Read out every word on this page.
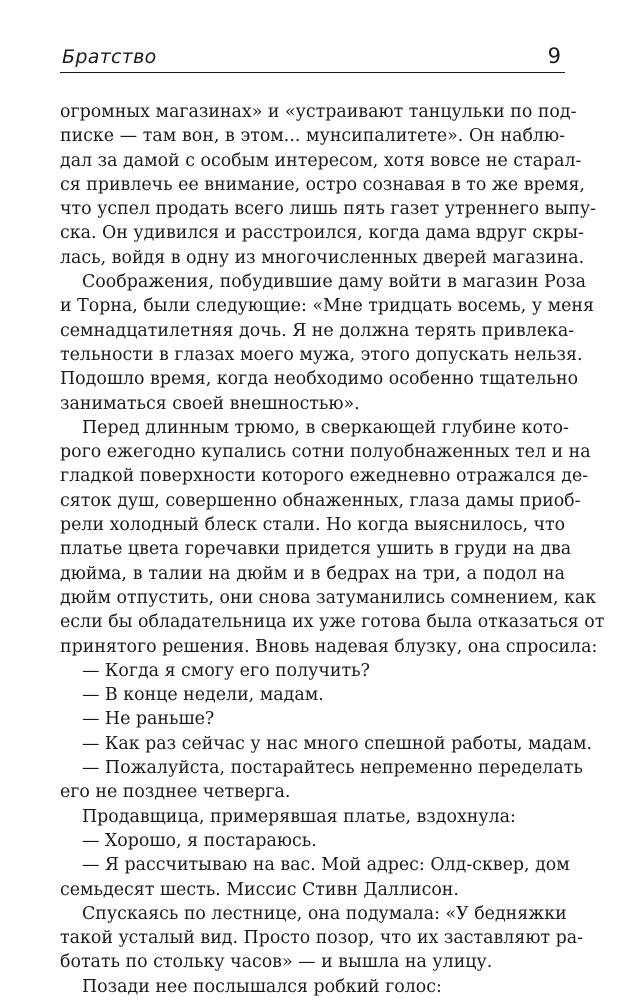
Братство	9
огромных магазинах» и «устраивают танцульки по под-
писке — там вон, в этом... мунсипалитете». Он наблю-
дал за дамой с особым интересом, хотя вовсе не старал-
ся привлечь ее внимание, остро сознавая в то же время,
что успел продать всего лишь пять газет утреннего выпу-
ска. Он удивился и расстроился, когда дама вдруг скры-
лась, войдя в одну из многочисленных дверей магазина.
Соображения, побудившие даму войти в магазин Роза
и Торна, были следующие: «Мне тридцать восемь, у меня
семнадцатилетняя дочь. Я не должна терять привлека-
тельности в глазах моего мужа, этого допускать нельзя.
Подошло время, когда необходимо особенно тщательно
заниматься своей внешностью».
Перед длинным трюмо, в сверкающей глубине кото-
рого ежегодно купались сотни полуобнаженных тел и на
гладкой поверхности которого ежедневно отражался де-
сяток душ, совершенно обнаженных, глаза дамы приоб-
рели холодный блеск стали. Но когда выяснилось, что
платье цвета горечавки придется ушить в груди на два
дюйма, в талии на дюйм и в бедрах на три, а подол на
дюйм отпустить, они снова затуманились сомнением, как
если бы обладательница их уже готова была отказаться от
принятого решения. Вновь надевая блузку, она спросила:
— Когда я смогу его получить?
— В конце недели, мадам.
— Не раньше?
— Как раз сейчас у нас много спешной работы, мадам.
— Пожалуйста, постарайтесь непременно переделать
его не позднее четверга.
Продавщица, примерявшая платье, вздохнула:
— Хорошо, я постараюсь.
— Я рассчитываю на вас. Мой адрес: Олд-сквер, дом
семьдесят шесть. Миссис Стивн Даллисон.
Спускаясь по лестнице, она подумала: «У бедняжки
такой усталый вид. Просто позор, что их заставляют ра-
ботать по стольку часов» — и вышла на улицу.
Позади нее послышался робкий голос:
